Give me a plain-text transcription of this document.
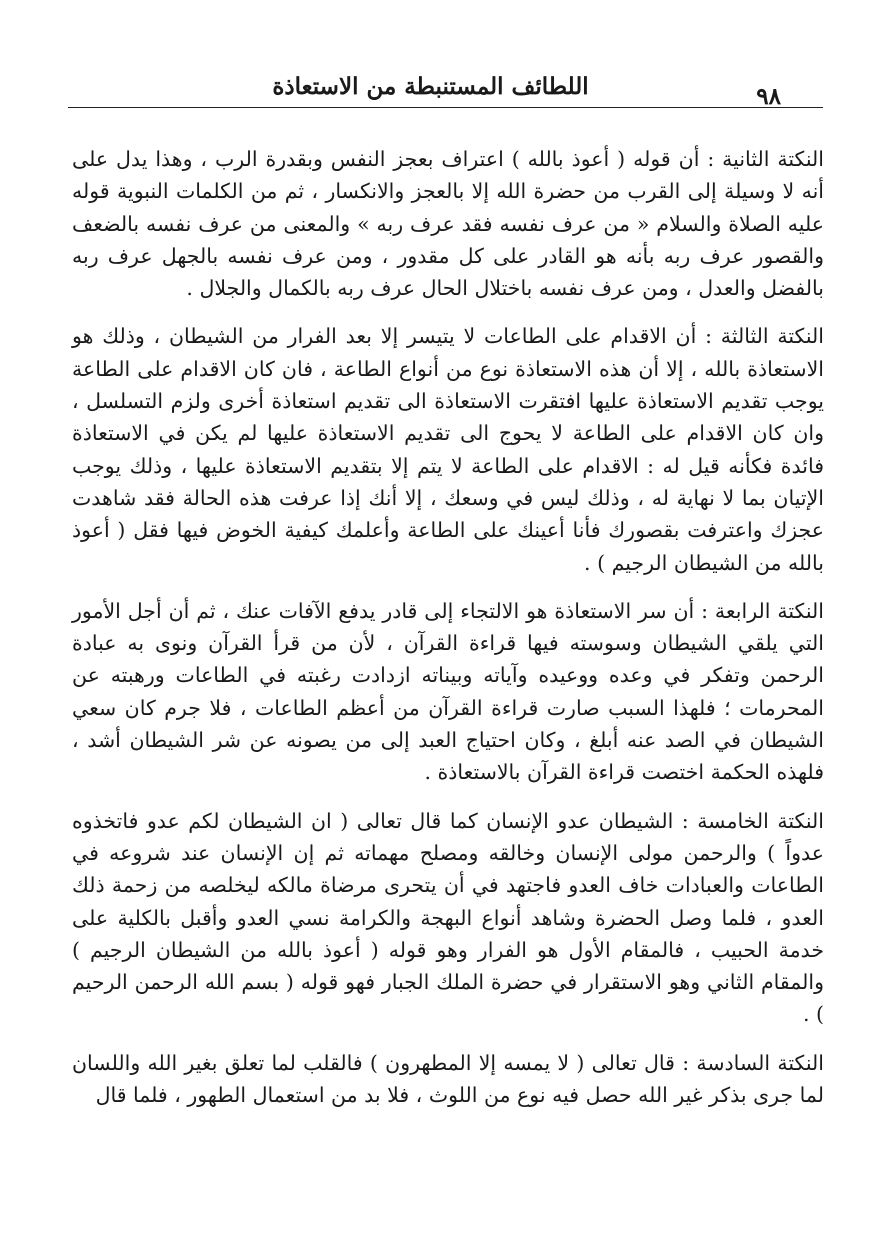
اللطائف المستنبطة من الاستعاذة	٩٨

النكتة الثانية : أن قوله ( أعوذ بالله ) اعتراف بعجز النفس وبقدرة الرب ، وهذا يدل على أنه لا وسيلة إلى القرب من حضرة الله إلا بالعجز والانكسار ، ثم من الكلمات النبوية قوله عليه الصلاة والسلام « من عرف نفسه فقد عرف ربه » والمعنى من عرف نفسه بالضعف والقصور عرف ربه بأنه هو القادر على كل مقدور ، ومن عرف نفسه بالجهل عرف ربه بالفضل والعدل ، ومن عرف نفسه باختلال الحال عرف ربه بالكمال والجلال .

النكتة الثالثة : أن الاقدام على الطاعات لا يتيسر إلا بعد الفرار من الشيطان ، وذلك هو الاستعاذة بالله ، إلا أن هذه الاستعاذة نوع من أنواع الطاعة ، فان كان الاقدام على الطاعة يوجب تقديم الاستعاذة عليها افتقرت الاستعاذة الى تقديم استعاذة أخرى ولزم التسلسل ، وان كان الاقدام على الطاعة لا يحوج الى تقديم الاستعاذة عليها لم يكن في الاستعاذة فائدة فكأنه قيل له : الاقدام على الطاعة لا يتم إلا بتقديم الاستعاذة عليها ، وذلك يوجب الإتيان بما لا نهاية له ، وذلك ليس في وسعك ، إلا أنك إذا عرفت هذه الحالة فقد شاهدت عجزك واعترفت بقصورك فأنا أعينك على الطاعة وأعلمك كيفية الخوض فيها فقل ( أعوذ بالله من الشيطان الرجيم ) .

النكتة الرابعة : أن سر الاستعاذة هو الالتجاء إلى قادر يدفع الآفات عنك ، ثم أن أجل الأمور التي يلقي الشيطان وسوسته فيها قراءة القرآن ، لأن من قرأ القرآن ونوى به عبادة الرحمن وتفكر في وعده ووعيده وآياته وبيناته ازدادت رغبته في الطاعات ورهبته عن المحرمات ؛ فلهذا السبب صارت قراءة القرآن من أعظم الطاعات ، فلا جرم كان سعي الشيطان في الصد عنه أبلغ ، وكان احتياج العبد إلى من يصونه عن شر الشيطان أشد ، فلهذه الحكمة اختصت قراءة القرآن بالاستعاذة .

النكتة الخامسة : الشيطان عدو الإنسان كما قال تعالى ( ان الشيطان لكم عدو فاتخذوه عدواً ) والرحمن مولى الإنسان وخالقه ومصلح مهماته ثم إن الإنسان عند شروعه في الطاعات والعبادات خاف العدو فاجتهد في أن يتحرى مرضاة مالكه ليخلصه من زحمة ذلك العدو ، فلما وصل الحضرة وشاهد أنواع البهجة والكرامة نسي العدو وأقبل بالكلية على خدمة الحبيب ، فالمقام الأول هو الفرار وهو قوله ( أعوذ بالله من الشيطان الرجيم ) والمقام الثاني وهو الاستقرار في حضرة الملك الجبار فهو قوله ( بسم الله الرحمن الرحيم ) .

النكتة السادسة : قال تعالى ( لا يمسه إلا المطهرون ) فالقلب لما تعلق بغير الله واللسان لما جرى بذكر غير الله حصل فيه نوع من اللوث ، فلا بد من استعمال الطهور ، فلما قال
